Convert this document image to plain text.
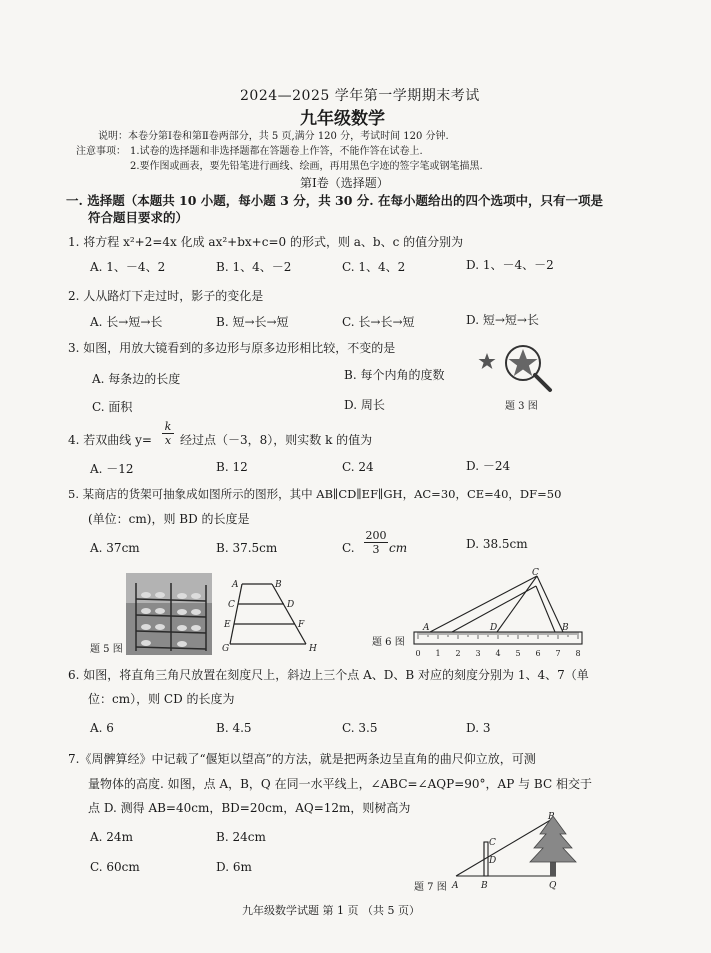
2024—2025 学年第一学期期末考试
九年级数学
说明：本卷分第Ⅰ卷和第Ⅱ卷两部分，共 5 页,满分 120 分，考试时间 120 分钟.
注意事项： 1.试卷的选择题和非选择题都在答题卷上作答，不能作答在试卷上.
2.要作图或画表，要先铅笔进行画线、绘画，再用黑色字迹的签字笔或钢笔描黑.
第Ⅰ卷（选择题）
一. 选择题（本题共 10 小题，每小题 3 分，共 30 分. 在每小题给出的四个选项中，只有一项是
符合题目要求的）
1. 将方程 x²+2=4x 化成 ax²+bx+c=0 的形式，则 a、b、c 的值分别为
A. 1、－4、2	B. 1、4、－2	C. 1、4、2	D. 1、－4、－2
2. 人从路灯下走过时，影子的变化是
A. 长→短→长	B. 短→长→短	C. 长→长→短	D. 短→短→长
3. 如图，用放大镜看到的多边形与原多边形相比较，不变的是
A. 每条边的长度	B. 每个内角的度数
C. 面积	D. 周长	题 3 图
4. 若双曲线 $y= \frac{k}{x}$ 经过点（－3，8），则实数 k 的值为
A. －12	B. 12	C. 24	D. －24
5. 某商店的货架可抽象成如图所示的图形，其中 AB∥CD∥EF∥GH，AC=30，CE=40，DF=50
(单位：cm)，则 BD 的长度是
A. 37cm	B. 37.5cm	C. $\frac{200}{3}$ cm	D. 38.5cm
题 5 图
A	B
C	D
E	F
G	H
题 6 图
0 1 2 3 4 5 6 7 8
A	D	B
C
6. 如图，将直角三角尺放置在刻度尺上，斜边上三个点 A、D、B 对应的刻度分别为 1、4、7（单
位：cm），则 CD 的长度为
A. 6	B. 4.5	C. 3.5	D. 3
7.《周髀算经》中记载了“偃矩以望高”的方法，就是把两条边呈直角的曲尺仰立放，可测
量物体的高度. 如图，点 A，B，Q 在同一水平线上，∠ABC=∠AQP=90°，AP 与 BC 相交于
点 D. 测得 AB=40cm，BD=20cm，AQ=12m，则树高为
A. 24m	B. 24cm
C. 60cm	D. 6m
题 7 图 A	B
C
D
P
Q
九年级数学试题 第 1 页 （共 5 页）
